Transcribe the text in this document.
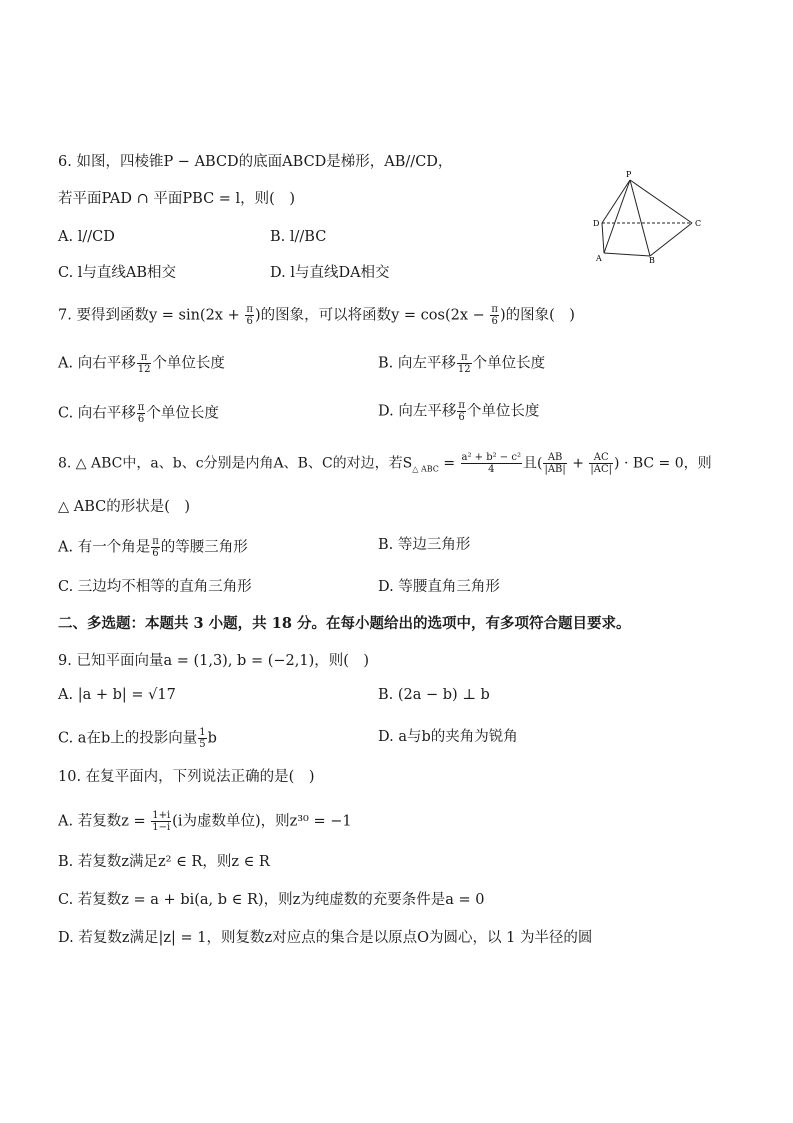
6. 如图，四棱锥P − ABCD的底面ABCD是梯形，AB//CD，
若平面PAD ∩ 平面PBC = l，则(　)
A. l//CD	B. l//BC
C. l与直线AB相交	D. l与直线DA相交
P
D	C
A	B
7. 要得到函数$y = \sin(2x + \frac{\pi}{6}$ )的图象，可以将函数$y = \cos(2x - \frac{\pi}{6}$ )的图象(　)
A. 向右平移 $\frac{\pi}{12}$ 个单位长度	B. 向左平移 $\frac{\pi}{12}$ 个单位长度
C. 向右平移 $\frac{\pi}{6}$ 个单位长度	D. 向左平移 $\frac{\pi}{6}$ 个单位长度
8. △ ABC中，a、b、c分别是内角A、B、C的对边，若$S_{\triangle ABC} = \frac{\text{a² + b² − c²}}{4}$ 且( $\frac{AB}{|AB|} + \frac{AC}{|AC|}$ ) · BC = 0，则
△ ABC的形状是(　)
A. 有一个角是 $\frac{\pi}{6}$ 的等腰三角形	B. 等边三角形
C. 三边均不相等的直角三角形	D. 等腰直角三角形
二、多选题：本题共 3 小题，共 18 分。在每小题给出的选项中，有多项符合题目要求。
9. 已知平面向量a = (1,3), b = (−2,1)，则(　)
A. |a + b| = √17	B. (2a − b) ⊥ b
C. a在b上的投影向量 $\frac{1}{5}$ b	D. a与b的夹角为锐角
10. 在复平面内，下列说法正确的是(　)
A. 若复数$z = \frac{1+i}{1-i} (i$为虚数单位)，则z³⁰ = −1
B. 若复数z满足z² ∈ R，则z ∈ R
C. 若复数z = a + bi(a, b ∈ R)，则z为纯虚数的充要条件是a = 0
D. 若复数z满足|z| = 1，则复数z对应点的集合是以原点O为圆心，以 1 为半径的圆
